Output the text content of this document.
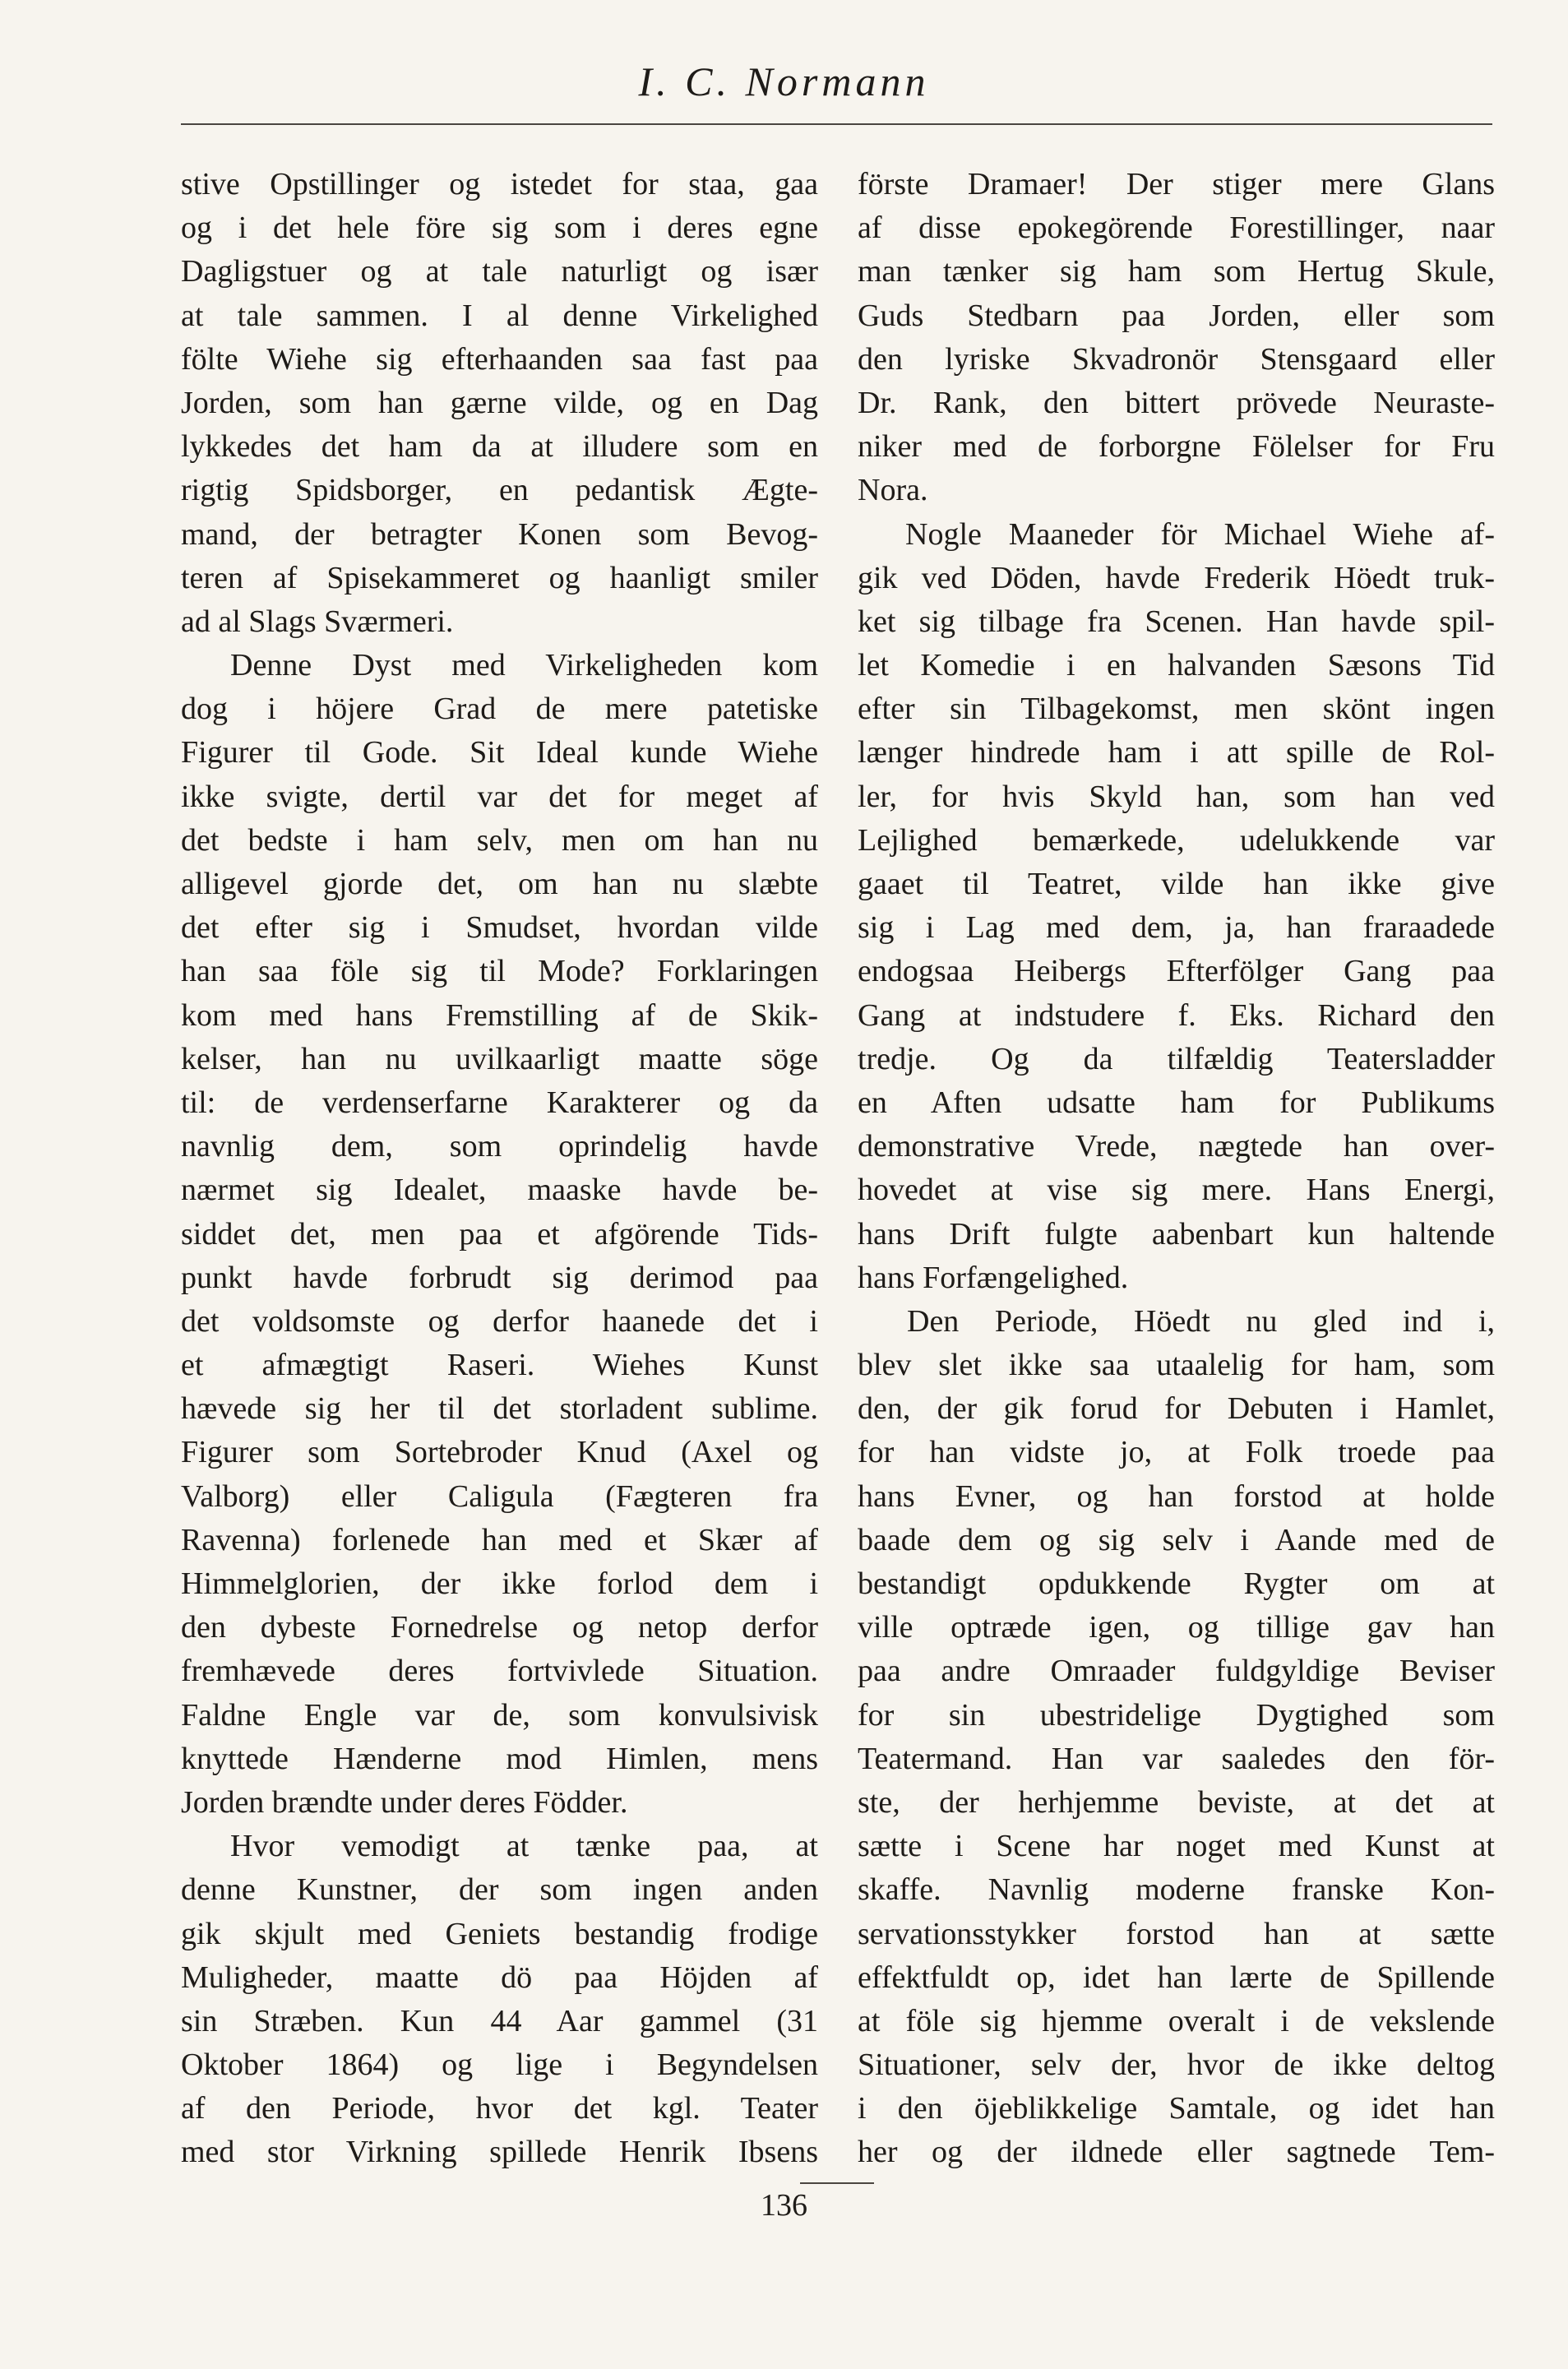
I. C. Normann
stive Opstillinger og istedet for staa, gaa
og i det hele före sig som i deres egne
Dagligstuer og at tale naturligt og især
at tale sammen. I al denne Virkelighed
fölte Wiehe sig efterhaanden saa fast paa
Jorden, som han gærne vilde, og en Dag
lykkedes det ham da at illudere som en
rigtig Spidsborger, en pedantisk Ægte-
mand, der betragter Konen som Bevog-
teren af Spisekammeret og haanligt smiler
ad al Slags Sværmeri.
Denne Dyst med Virkeligheden kom
dog i höjere Grad de mere patetiske
Figurer til Gode. Sit Ideal kunde Wiehe
ikke svigte, dertil var det for meget af
det bedste i ham selv, men om han nu
alligevel gjorde det, om han nu slæbte
det efter sig i Smudset, hvordan vilde
han saa föle sig til Mode? Forklaringen
kom med hans Fremstilling af de Skik-
kelser, han nu uvilkaarligt maatte söge
til: de verdenserfarne Karakterer og da
navnlig dem, som oprindelig havde
nærmet sig Idealet, maaske havde be-
siddet det, men paa et afgörende Tids-
punkt havde forbrudt sig derimod paa
det voldsomste og derfor haanede det i
et afmægtigt Raseri. Wiehes Kunst
hævede sig her til det storladent sublime.
Figurer som Sortebroder Knud (Axel og
Valborg) eller Caligula (Fægteren fra
Ravenna) forlenede han med et Skær af
Himmelglorien, der ikke forlod dem i
den dybeste Fornedrelse og netop derfor
fremhævede deres fortvivlede Situation.
Faldne Engle var de, som konvulsivisk
knyttede Hænderne mod Himlen, mens
Jorden brændte under deres Födder.
Hvor vemodigt at tænke paa, at
denne Kunstner, der som ingen anden
gik skjult med Geniets bestandig frodige
Muligheder, maatte dö paa Höjden af
sin Stræben. Kun 44 Aar gammel (31
Oktober 1864) og lige i Begyndelsen
af den Periode, hvor det kgl. Teater
med stor Virkning spillede Henrik Ibsens
förste Dramaer! Der stiger mere Glans
af disse epokegörende Forestillinger, naar
man tænker sig ham som Hertug Skule,
Guds Stedbarn paa Jorden, eller som
den lyriske Skvadronör Stensgaard eller
Dr. Rank, den bittert prövede Neuraste-
niker med de forborgne Fölelser for Fru
Nora.
Nogle Maaneder för Michael Wiehe af-
gik ved Döden, havde Frederik Höedt truk-
ket sig tilbage fra Scenen. Han havde spil-
let Komedie i en halvanden Sæsons Tid
efter sin Tilbagekomst, men skönt ingen
længer hindrede ham i att spille de Rol-
ler, for hvis Skyld han, som han ved
Lejlighed bemærkede, udelukkende var
gaaet til Teatret, vilde han ikke give
sig i Lag med dem, ja, han fraraadede
endogsaa Heibergs Efterfölger Gang paa
Gang at indstudere f. Eks. Richard den
tredje. Og da tilfældig Teatersladder
en Aften udsatte ham for Publikums
demonstrative Vrede, nægtede han over-
hovedet at vise sig mere. Hans Energi,
hans Drift fulgte aabenbart kun haltende
hans Forfængelighed.
Den Periode, Höedt nu gled ind i,
blev slet ikke saa utaalelig for ham, som
den, der gik forud for Debuten i Hamlet,
for han vidste jo, at Folk troede paa
hans Evner, og han forstod at holde
baade dem og sig selv i Aande med de
bestandigt opdukkende Rygter om at
ville optræde igen, og tillige gav han
paa andre Omraader fuldgyldige Beviser
for sin ubestridelige Dygtighed som
Teatermand. Han var saaledes den för-
ste, der herhjemme beviste, at det at
sætte i Scene har noget med Kunst at
skaffe. Navnlig moderne franske Kon-
servationsstykker forstod han at sætte
effektfuldt op, idet han lærte de Spillende
at föle sig hjemme overalt i de vekslende
Situationer, selv der, hvor de ikke deltog
i den öjeblikkelige Samtale, og idet han
her og der ildnede eller sagtnede Tem-
136
